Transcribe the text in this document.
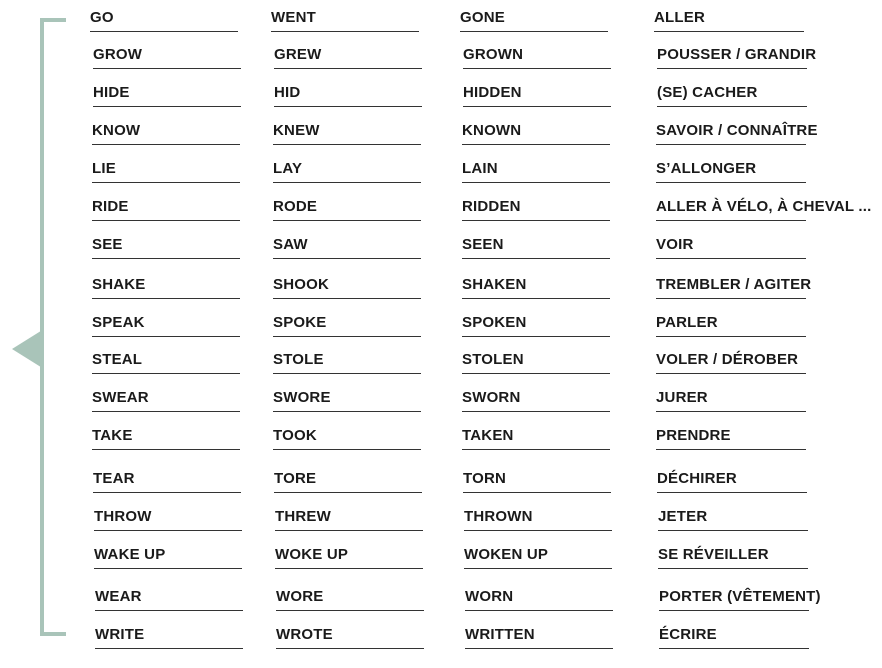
GO	WENT	GONE	ALLER
GROW	GREW	GROWN	POUSSER / GRANDIR
HIDE	HID	HIDDEN	(SE) CACHER
KNOW	KNEW	KNOWN	SAVOIR / CONNAÎTRE
LIE	LAY	LAIN	S’ALLONGER
RIDE	RODE	RIDDEN	ALLER À VÉLO, À CHEVAL ...
SEE	SAW	SEEN	VOIR
SHAKE	SHOOK	SHAKEN	TREMBLER / AGITER
SPEAK	SPOKE	SPOKEN	PARLER
STEAL	STOLE	STOLEN	VOLER / DÉROBER
SWEAR	SWORE	SWORN	JURER
TAKE	TOOK	TAKEN	PRENDRE
TEAR	TORE	TORN	DÉCHIRER
THROW	THREW	THROWN	JETER
WAKE UP	WOKE UP	WOKEN UP	SE RÉVEILLER
WEAR	WORE	WORN	PORTER (VÊTEMENT)
WRITE	WROTE	WRITTEN	ÉCRIRE
